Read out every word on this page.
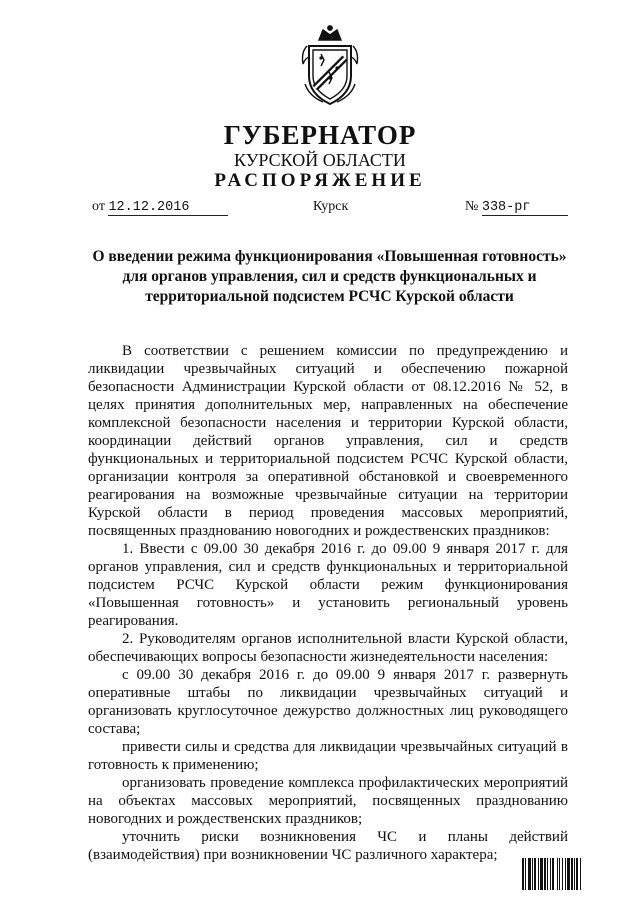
ГУБЕРНАТОР
КУРСКОЙ ОБЛАСТИ
РАСПОРЯЖЕНИЕ
от 12.12.2016	Курск	№ 338-рг
О введении режима функционирования «Повышенная готовность» для органов управления, сил и средств функциональных и территориальной подсистем РСЧС Курской области

В соответствии с решением комиссии по предупреждению и

ликвидации чрезвычайных ситуаций и обеспечению пожарной

безопасности Администрации Курской области от 08.12.2016 № 52, в

целях принятия дополнительных мер, направленных на обеспечение

комплексной безопасности населения и территории Курской области,

координации действий органов управления, сил и средств

функциональных и территориальной подсистем РСЧС Курской области,

организации контроля за оперативной обстановкой и своевременного

реагирования на возможные чрезвычайные ситуации на территории

Курской области в период проведения массовых мероприятий,

посвященных празднованию новогодних и рождественских праздников:

1. Ввести с 09.00 30 декабря 2016 г. до 09.00 9 января 2017 г. для

органов управления, сил и средств функциональных и территориальной

подсистем РСЧС Курской области режим функционирования

«Повышенная готовность» и установить региональный уровень

реагирования.

2. Руководителям органов исполнительной власти Курской области,

обеспечивающих вопросы безопасности жизнедеятельности населения:

с 09.00 30 декабря 2016 г. до 09.00 9 января 2017 г. развернуть

оперативные штабы по ликвидации чрезвычайных ситуаций и

организовать круглосуточное дежурство должностных лиц руководящего

состава;

привести силы и средства для ликвидации чрезвычайных ситуаций в

готовность к применению;

организовать проведение комплекса профилактических мероприятий

на объектах массовых мероприятий, посвященных празднованию

новогодних и рождественских праздников;

уточнить риски возникновения ЧС и планы действий

(взаимодействия) при возникновении ЧС различного характера;
